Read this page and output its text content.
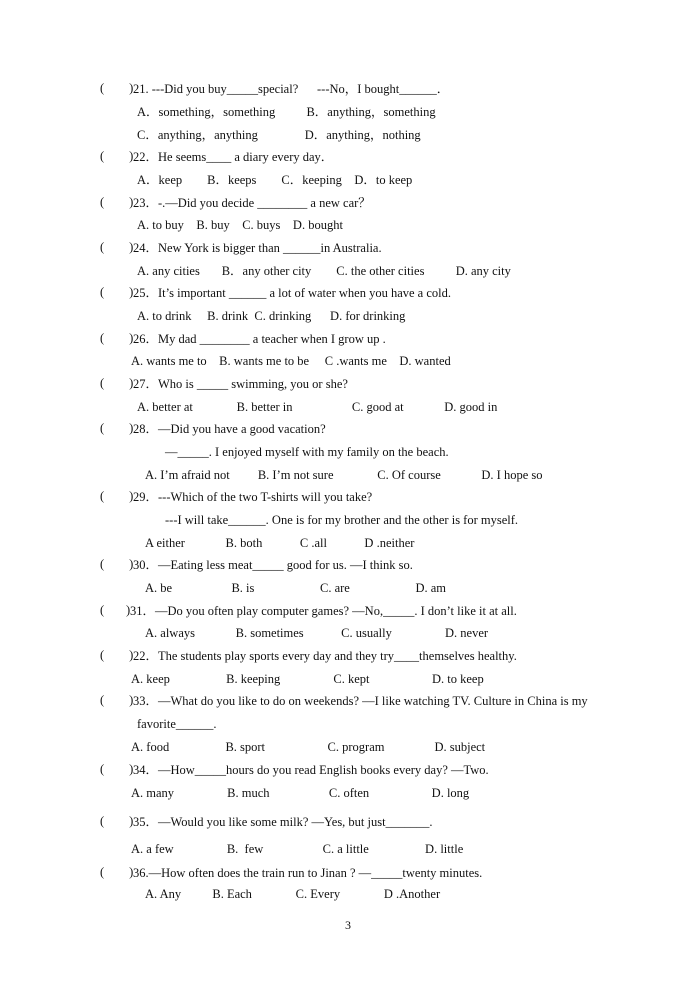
(        ) 21. ---Did you buy_____special?      ---No，I bought______．
A．something，something          B．anything，something
C．anything，anything               D．anything，nothing
(        ) 22．He seems____ a diary every day．
A．keep        B．keeps        C．keeping    D．to keep
(        ) 23．-.—Did you decide ________ a new car？
A. to buy    B. buy    C. buys    D. bought
(        ) 24．New York is bigger than ______in Australia.
A. any cities       B．any other city        C. the other cities          D. any city
(        ) 25．It’s important ______ a lot of water when you have a cold.
A. to drink     B. drink  C. drinking      D. for drinking
(        ) 26．My dad ________ a teacher when I grow up .
A. wants me to    B. wants me to be     C .wants me    D. wanted
(        ) 27．Who is _____ swimming, you or she?
A. better at              B. better in                   C. good at             D. good in
(        ) 28．—Did you have a good vacation?
—_____. I enjoyed myself with my family on the beach.
A. I’m afraid not         B. I’m not sure              C. Of course             D. I hope so
(        ) 29．---Which of the two T-shirts will you take?
---I will take______. One is for my brother and the other is for myself.
A either             B. both            C .all            D .neither
(        ) 30．—Eating less meat_____ good for us. —I think so.
A. be                   B. is                     C. are                     D. am
(       ) 31．—Do you often play computer games? —No,_____. I don’t like it at all.
A. always             B. sometimes            C. usually                 D. never
(        ) 22．The students play sports every day and they try____themselves healthy.
A. keep                  B. keeping                 C. kept                    D. to keep
(        ) 33．—What do you like to do on weekends? —I like watching TV. Culture in China is my
favorite______.
A. food                  B. sport                    C. program                D. subject
(        ) 34．—How_____hours do you read English books every day? —Two.
A. many                 B. much                   C. often                    D. long
(        ) 35．—Would you like some milk? —Yes, but just_______.
A. a few                 B.  few                   C. a little                  D. little
(        ) 36.—How often does the train run to Jinan ? —_____twenty minutes.
A. Any          B. Each              C. Every              D .Another
3
